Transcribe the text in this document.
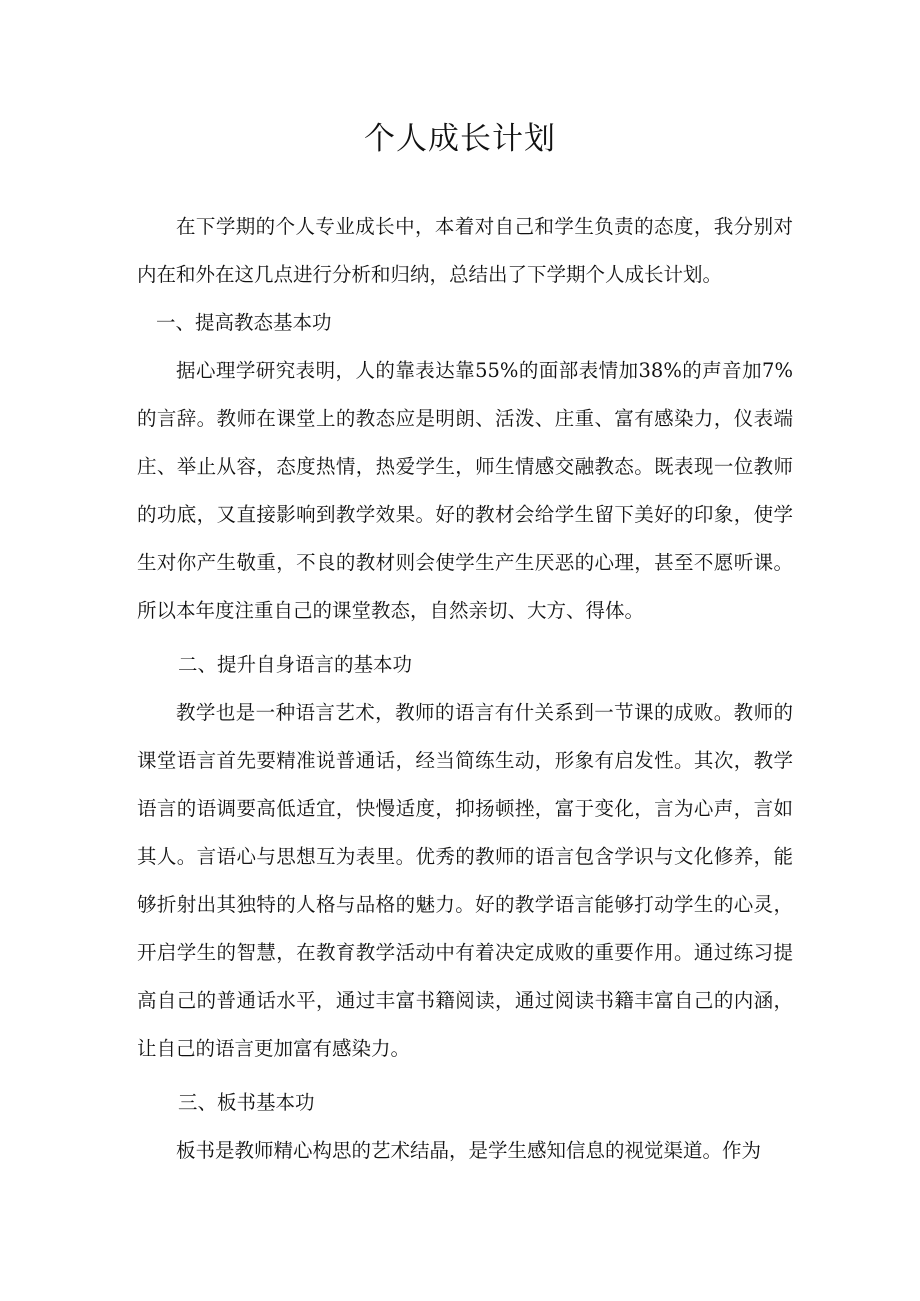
个人成长计划

在下学期的个人专业成长中，本着对自己和学生负责的态度，我分别对内在和外在这几点进行分析和归纳，总结出了下学期个人成长计划。

一、提高教态基本功

据心理学研究表明，人的靠表达靠55%的面部表情加38%的声音加7%的言辞。教师在课堂上的教态应是明朗、活泼、庄重、富有感染力，仪表端庄、举止从容，态度热情，热爱学生，师生情感交融教态。既表现一位教师的功底，又直接影响到教学效果。好的教材会给学生留下美好的印象，使学生对你产生敬重，不良的教材则会使学生产生厌恶的心理，甚至不愿听课。所以本年度注重自己的课堂教态，自然亲切、大方、得体。

二、提升自身语言的基本功

教学也是一种语言艺术，教师的语言有什关系到一节课的成败。教师的课堂语言首先要精准说普通话，经当简练生动，形象有启发性。其次，教学语言的语调要高低适宜，快慢适度，抑扬顿挫，富于变化，言为心声，言如其人。言语心与思想互为表里。优秀的教师的语言包含学识与文化修养，能够折射出其独特的人格与品格的魅力。好的教学语言能够打动学生的心灵，开启学生的智慧，在教育教学活动中有着决定成败的重要作用。通过练习提高自己的普通话水平，通过丰富书籍阅读，通过阅读书籍丰富自己的内涵，让自己的语言更加富有感染力。

三、板书基本功

板书是教师精心构思的艺术结晶，是学生感知信息的视觉渠道。作为
